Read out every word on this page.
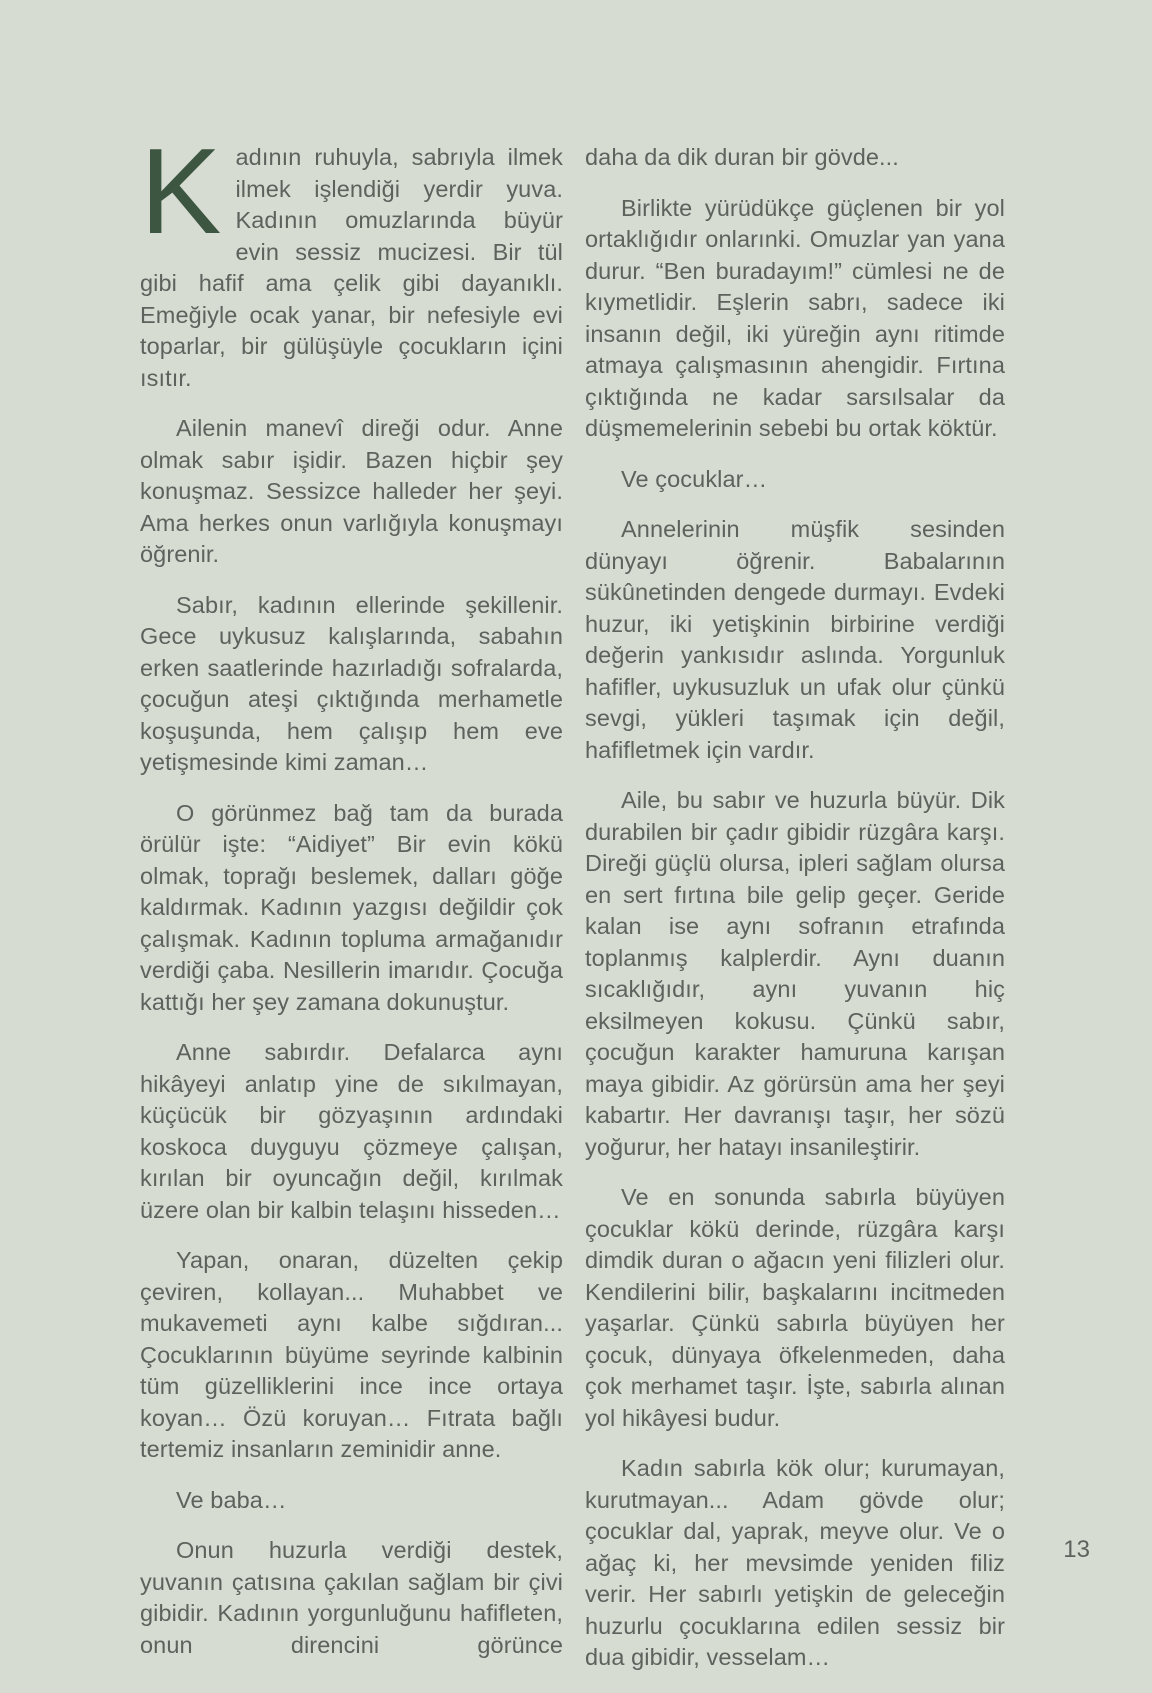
Kadının ruhuyla, sabrıyla ilmek ilmek işlendiği yerdir yuva. Kadının omuzlarında büyür evin sessiz mucizesi. Bir tül gibi hafif ama çelik gibi dayanıklı. Emeğiyle ocak yanar, bir nefesiyle evi toparlar, bir gülüşüyle çocukların içini ısıtır.

Ailenin manevî direği odur. Anne olmak sabır işidir. Bazen hiçbir şey konuşmaz. Sessizce halleder her şeyi. Ama herkes onun varlığıyla konuşmayı öğrenir.

Sabır, kadının ellerinde şekillenir. Gece uykusuz kalışlarında, sabahın erken saatlerinde hazırladığı sofralarda, çocuğun ateşi çıktığında merhametle koşuşunda, hem çalışıp hem eve yetişmesinde kimi zaman…

O görünmez bağ tam da burada örülür işte: “Aidiyet” Bir evin kökü olmak, toprağı beslemek, dalları göğe kaldırmak. Kadının yazgısı değildir çok çalışmak. Kadının topluma armağanıdır verdiği çaba. Nesillerin imarıdır. Çocuğa kattığı her şey zamana dokunuştur.

Anne sabırdır. Defalarca aynı hikâyeyi anlatıp yine de sıkılmayan, küçücük bir gözyaşının ardındaki koskoca duyguyu çözmeye çalışan, kırılan bir oyuncağın değil, kırılmak üzere olan bir kalbin telaşını hisseden…

Yapan, onaran, düzelten çekip çeviren, kollayan... Muhabbet ve mukavemeti aynı kalbe sığdıran... Çocuklarının büyüme seyrinde kalbinin tüm güzelliklerini ince ince ortaya koyan… Özü koruyan… Fıtrata bağlı tertemiz insanların zeminidir anne.

Ve baba…

Onun huzurla verdiği destek, yuvanın çatısına çakılan sağlam bir çivi gibidir. Kadının yorgunluğunu hafifleten, onun direncini görünce

daha da dik duran bir gövde...

Birlikte yürüdükçe güçlenen bir yol ortaklığıdır onlarınki. Omuzlar yan yana durur. “Ben buradayım!” cümlesi ne de kıymetlidir. Eşlerin sabrı, sadece iki insanın değil, iki yüreğin aynı ritimde atmaya çalışmasının ahengidir. Fırtına çıktığında ne kadar sarsılsalar da düşmemelerinin sebebi bu ortak köktür.

Ve çocuklar…

Annelerinin müşfik sesinden dünyayı öğrenir. Babalarının sükûnetinden dengede durmayı. Evdeki huzur, iki yetişkinin birbirine verdiği değerin yankısıdır aslında. Yorgunluk hafifler, uykusuzluk un ufak olur çünkü sevgi, yükleri taşımak için değil, hafifletmek için vardır.

Aile, bu sabır ve huzurla büyür. Dik durabilen bir çadır gibidir rüzgâra karşı. Direği güçlü olursa, ipleri sağlam olursa en sert fırtına bile gelip geçer. Geride kalan ise aynı sofranın etrafında toplanmış kalplerdir. Aynı duanın sıcaklığıdır, aynı yuvanın hiç eksilmeyen kokusu. Çünkü sabır, çocuğun karakter hamuruna karışan maya gibidir. Az görürsün ama her şeyi kabartır. Her davranışı taşır, her sözü yoğurur, her hatayı insanileştirir.

Ve en sonunda sabırla büyüyen çocuklar kökü derinde, rüzgâra karşı dimdik duran o ağacın yeni filizleri olur. Kendilerini bilir, başkalarını incitmeden yaşarlar. Çünkü sabırla büyüyen her çocuk, dünyaya öfkelenmeden, daha çok merhamet taşır. İşte, sabırla alınan yol hikâyesi budur.

Kadın sabırla kök olur; kurumayan, kurutmayan... Adam gövde olur; çocuklar dal, yaprak, meyve olur. Ve o ağaç ki, her mevsimde yeniden filiz verir. Her sabırlı yetişkin de geleceğin huzurlu çocuklarına edilen sessiz bir dua gibidir, vesselam…

13
